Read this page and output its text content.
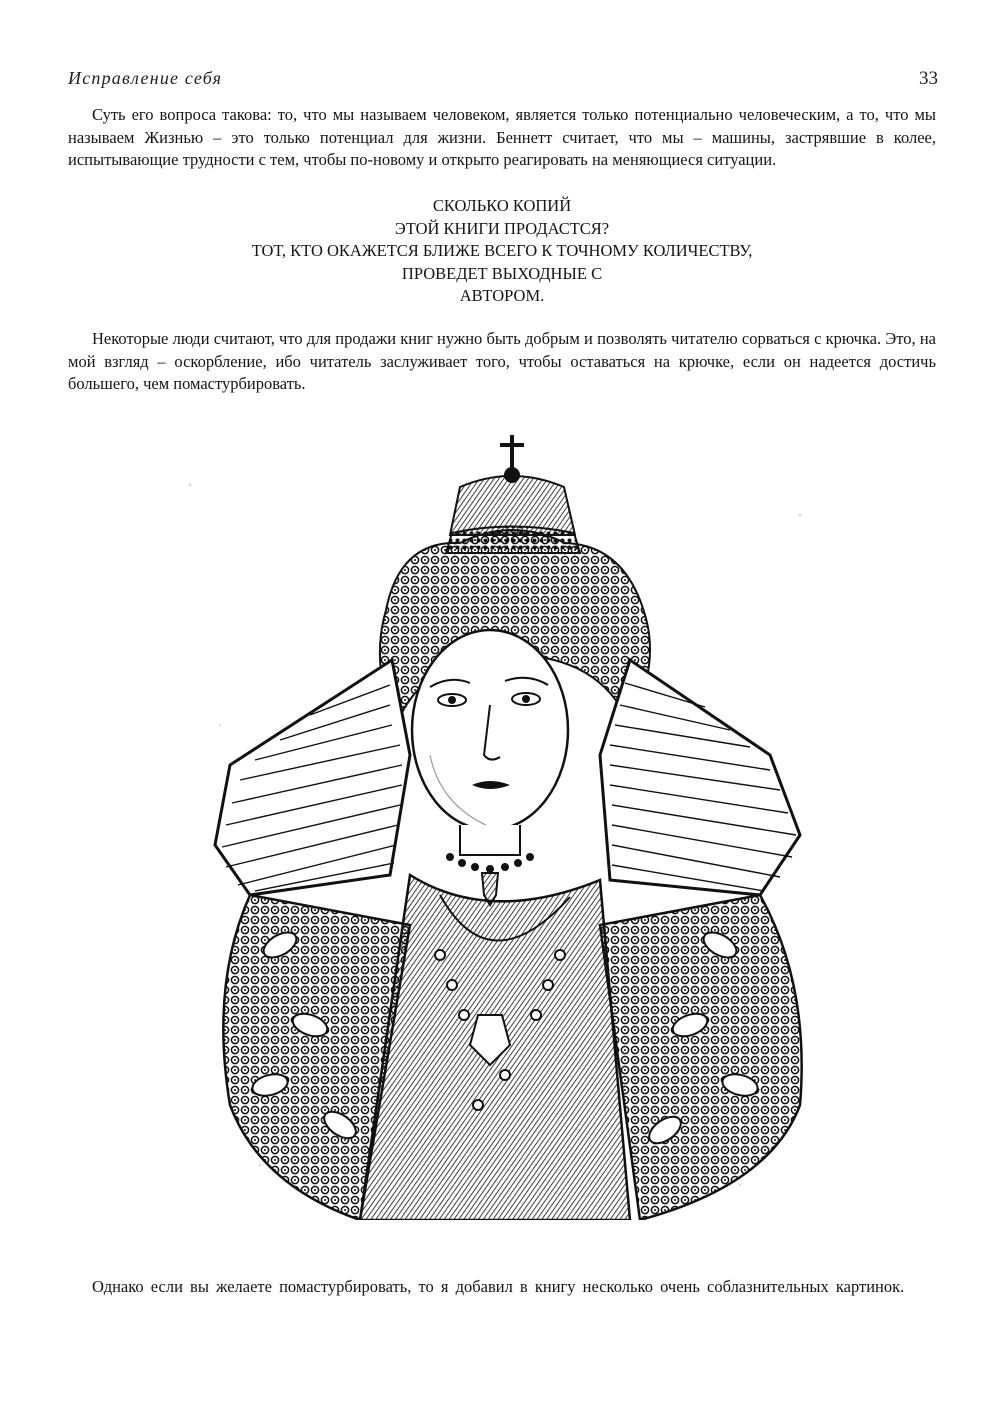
Исправление себя	33

Суть его вопроса такова: то, что мы называем человеком, является только потенциально человеческим, а то, что мы называем Жизнью – это только потенциал для жизни. Беннетт считает, что мы – машины, застрявшие в колее, испытывающие трудности с тем, чтобы по-новому и открыто реагировать на меняющиеся ситуации.

СКОЛЬКО КОПИЙ
ЭТОЙ КНИГИ ПРОДАСТСЯ?
ТОТ, КТО ОКАЖЕТСЯ БЛИЖЕ ВСЕГО К ТОЧНОМУ КОЛИЧЕСТВУ,
ПРОВЕДЕТ ВЫХОДНЫЕ С
АВТОРОМ.

Некоторые люди считают, что для продажи книг нужно быть добрым и позволять читателю сорваться с крючка. Это, на мой взгляд – оскорбление, ибо читатель заслуживает того, чтобы оставаться на крючке, если он надеется достичь большего, чем помастурбировать.

Однако если вы желаете помастурбировать, то я добавил в книгу несколько очень соблазнительных картинок.
